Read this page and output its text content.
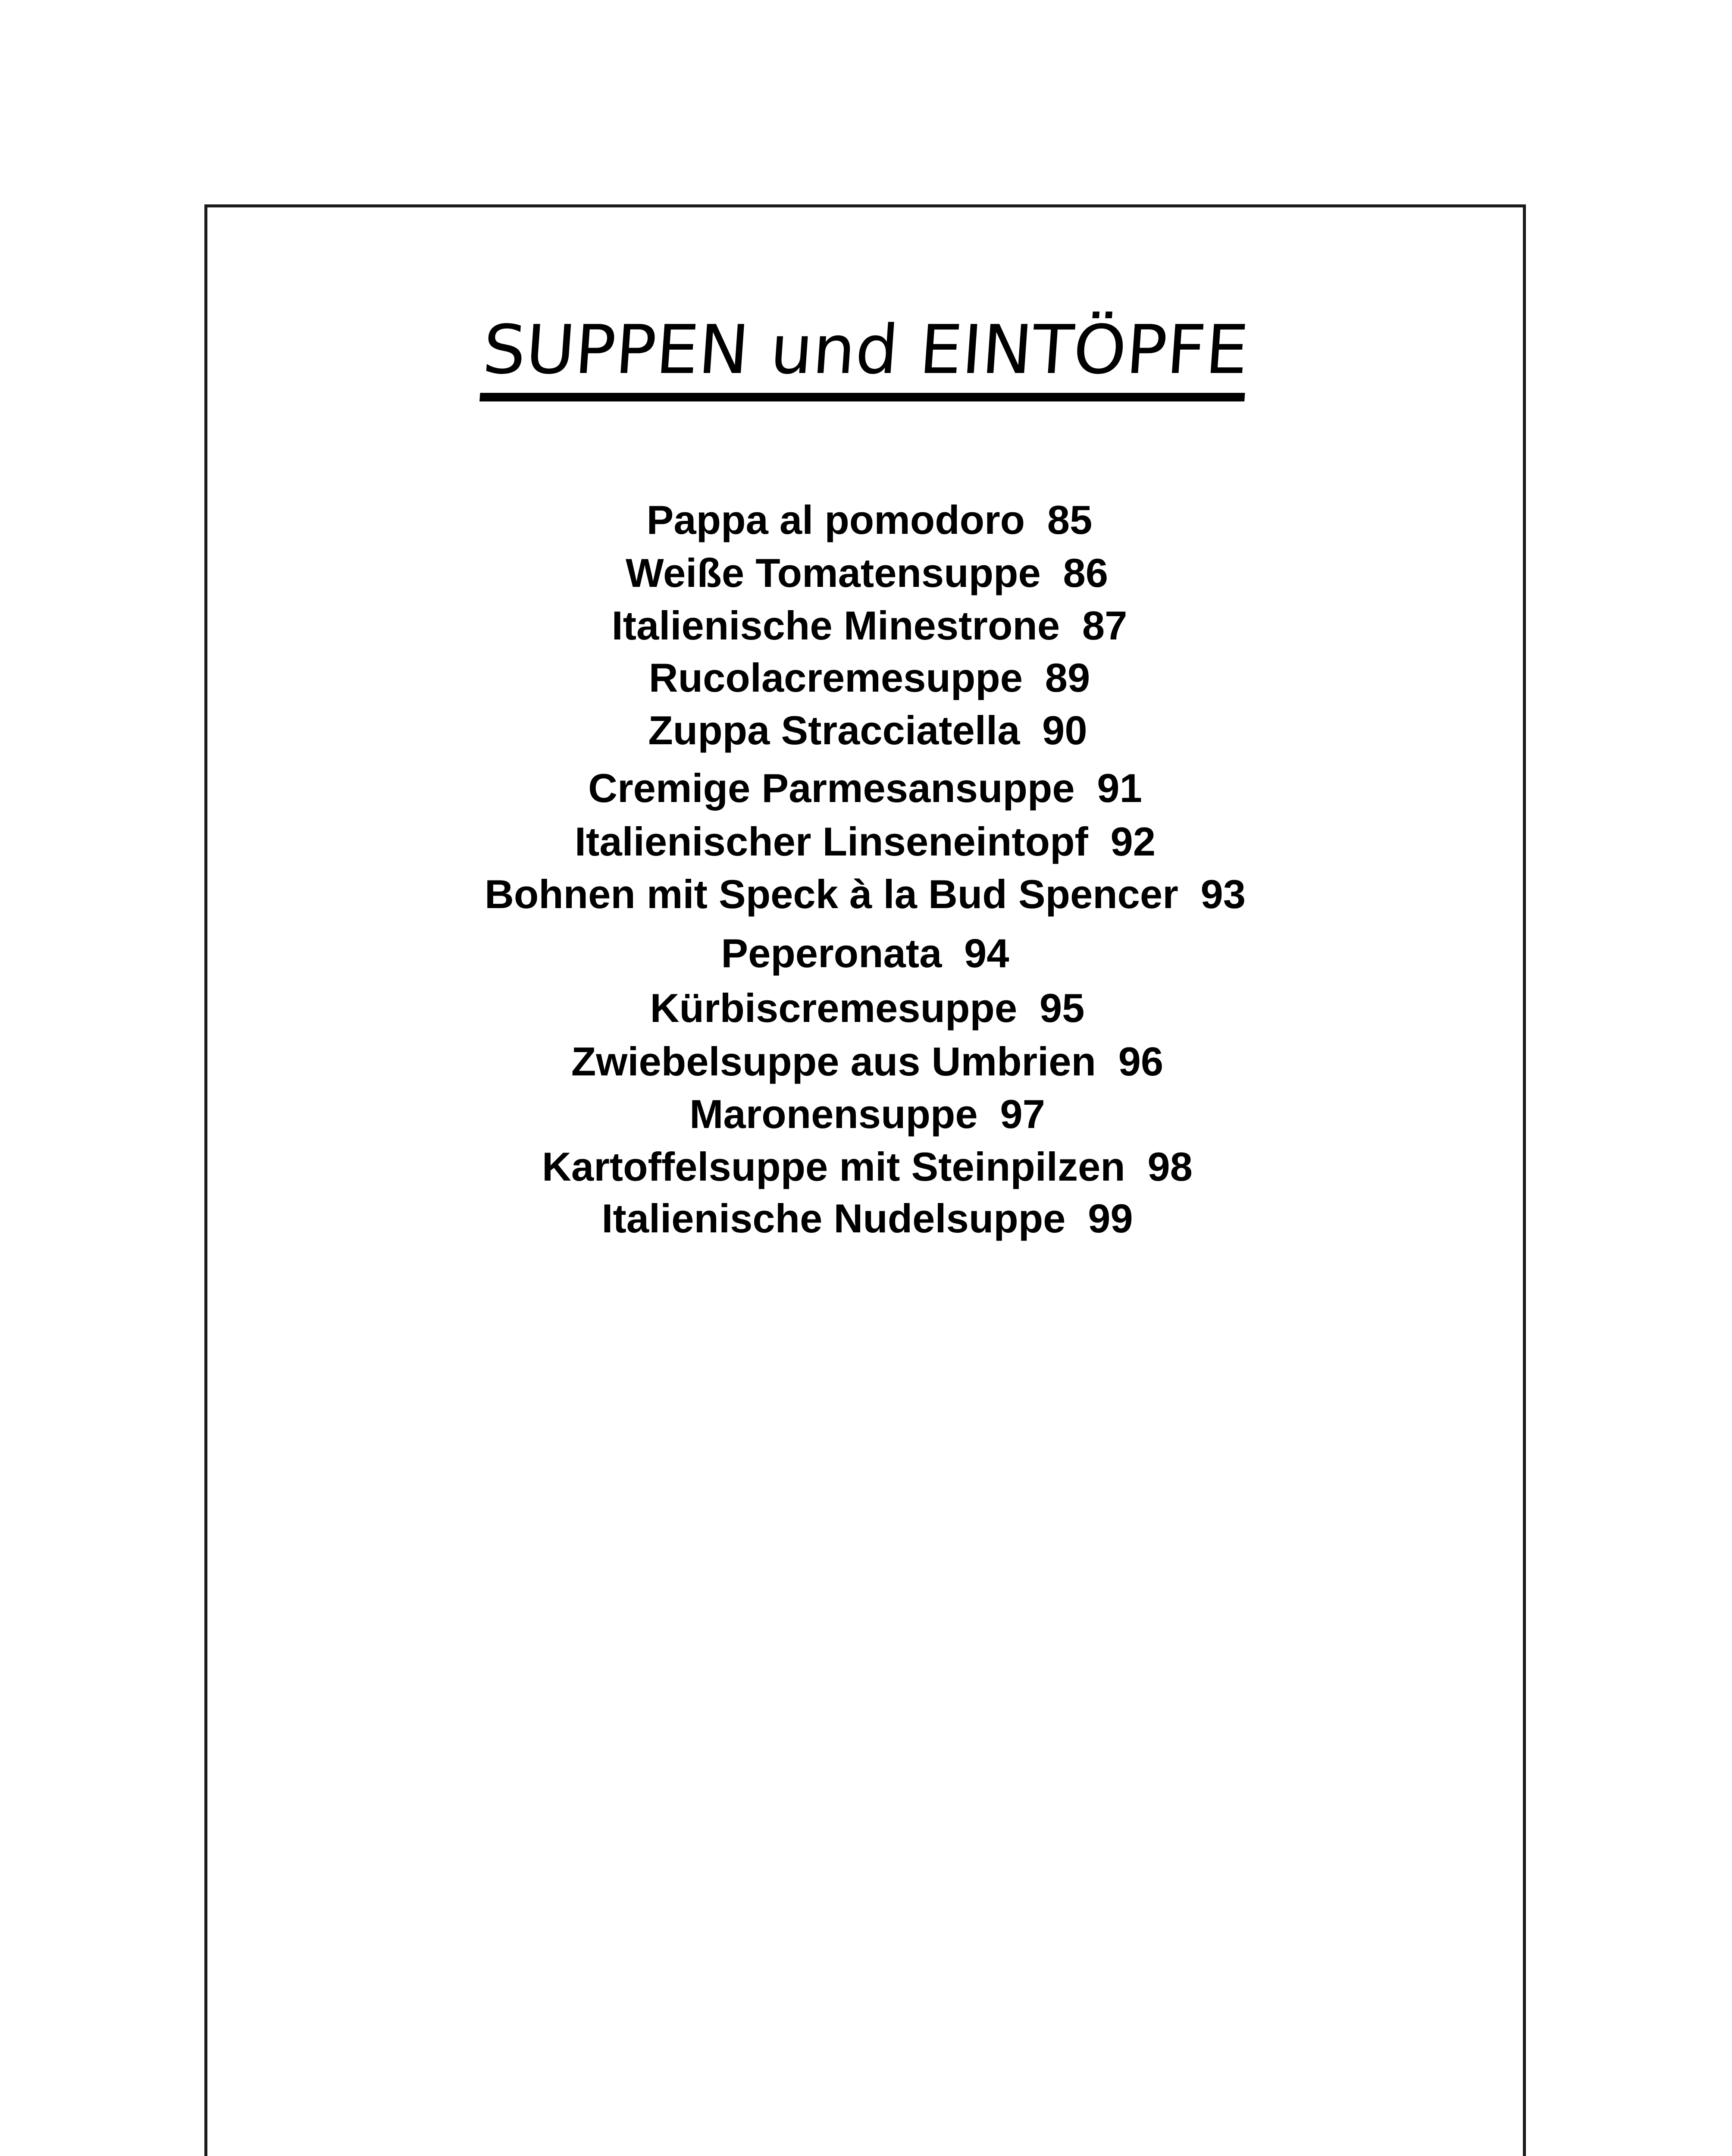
SUPPEN und EINTÖPFE
Pappa al pomodoro 85
Weiße Tomatensuppe 86
Italienische Minestrone 87
Rucolacremesuppe 89
Zuppa Stracciatella 90
Cremige Parmesansuppe 91
Italienischer Linseneintopf 92
Bohnen mit Speck à la Bud Spencer 93
Peperonata 94
Kürbiscremesuppe 95
Zwiebelsuppe aus Umbrien 96
Maronensuppe 97
Kartoffelsuppe mit Steinpilzen 98
Italienische Nudelsuppe 99
